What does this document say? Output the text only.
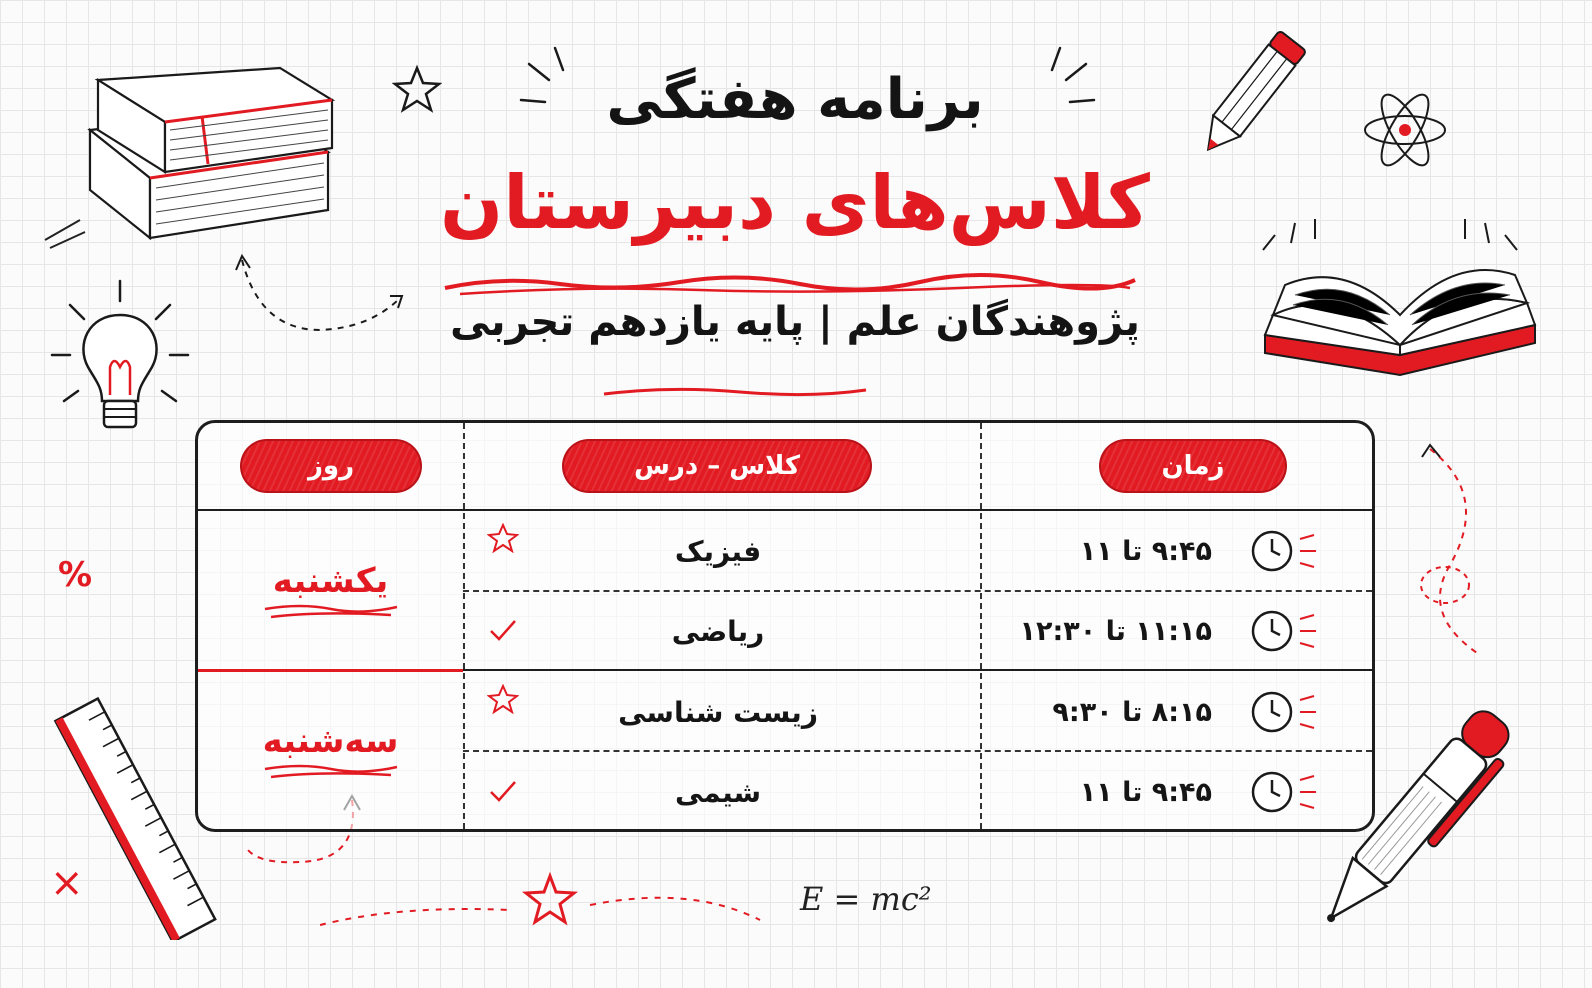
%
×	E = mc²
برنامه هفتگی
کلاس‌های دبیرستان
پژوهندگان علم | پایه یازدهم تجربی
زمان
کلاس – درس
روز
یکشنبه
سه‌شنبه
۹:۴۵ تا ۱۱
فیزیک
۱۱:۱۵ تا ۱۲:۳۰
ریاضی
۸:۱۵ تا ۹:۳۰
زیست شناسی
۹:۴۵ تا ۱۱
شیمی
